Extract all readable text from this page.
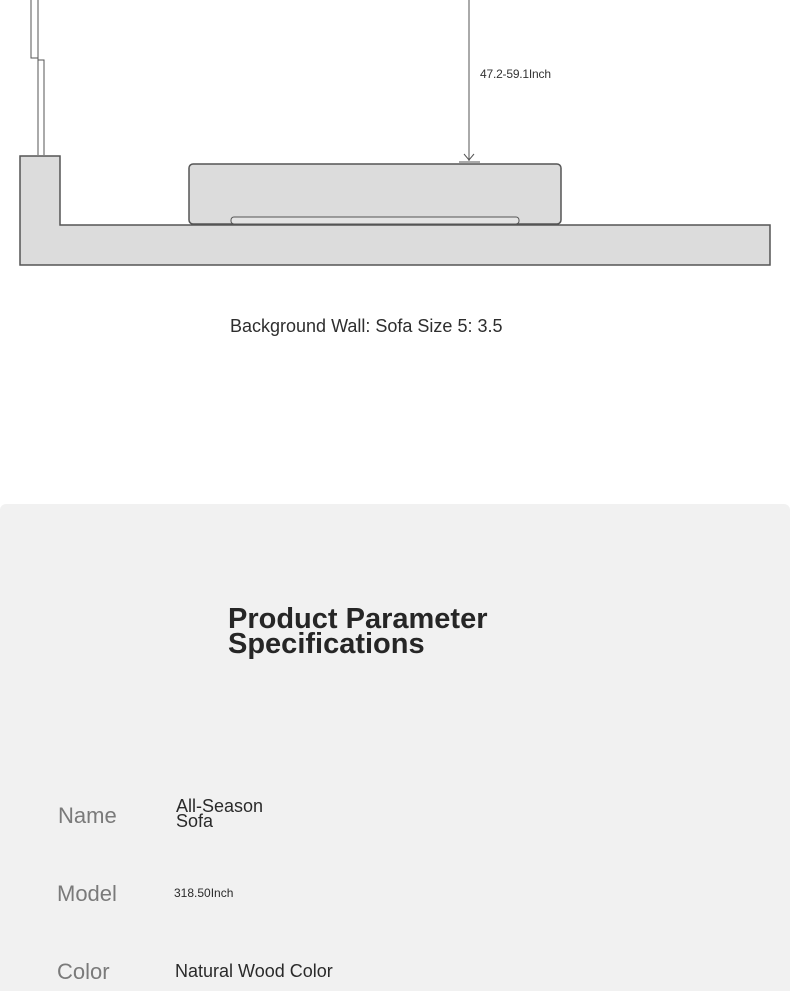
47.2-59.1Inch
Background Wall: Sofa Size 5: 3.5
Product Parameter Specifications
Name	All-Season Sofa
Model	318.50Inch
Color	Natural Wood Color
